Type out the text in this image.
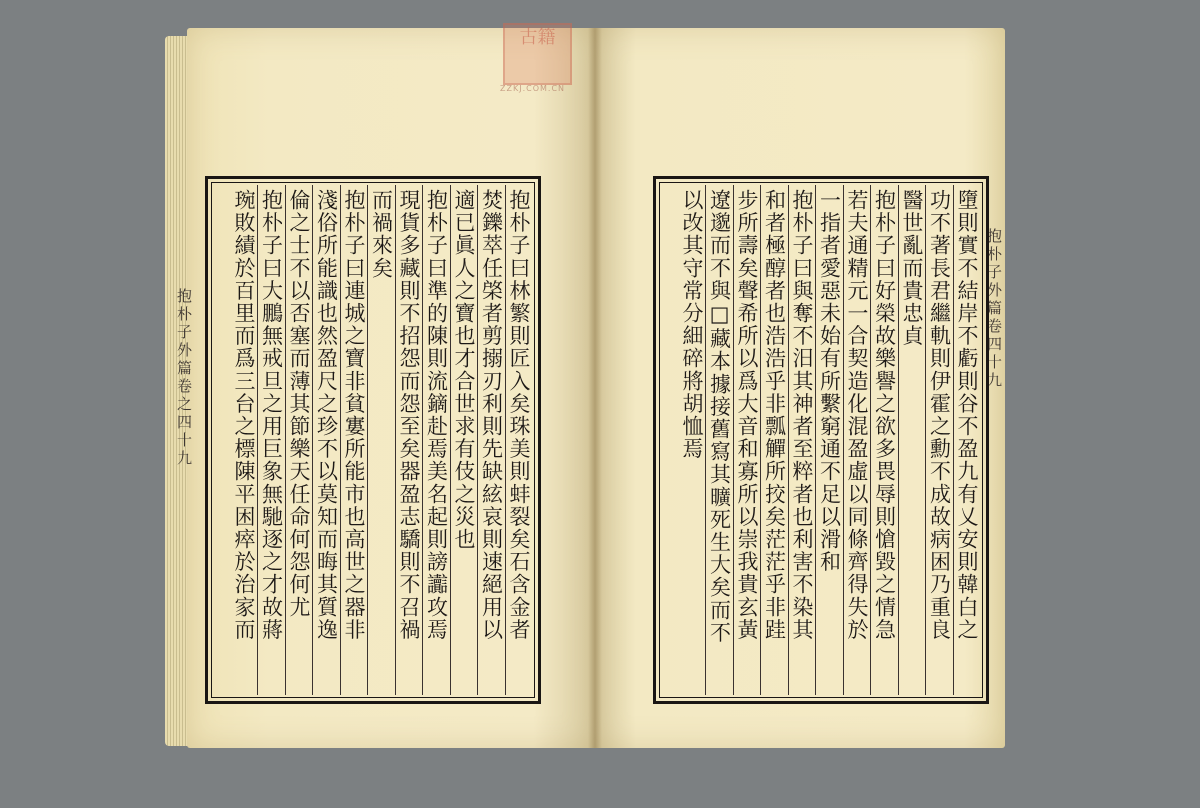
古籍
ZZKJ.COM.CN
抱朴子外篇卷之四十九	抱朴子外篇卷四十九
抱朴子曰林繁則匠入矣珠美則蚌裂矣石含金者
焚鑠萃任棨者剪搦刃利則先缺絃哀則速絕用以
適已眞人之寶也才合世求有伎之災也
抱朴子曰準的陳則流鏑赴焉美名起則謗讟攻焉
現貨多藏則不招怨而怨至矣器盈志驕則不召禍
而禍來矣
抱朴子曰連城之寶非貧寠所能市也高世之器非
淺俗所能識也然盈尺之珍不以莫知而晦其質逸
倫之士不以否塞而薄其節樂天任命何怨何尤
抱朴子曰大鵬無戒旦之用巨象無馳逐之才故蔣
琬敗績於百里而爲三台之標陳平困瘁於治家而	墮則實不結岸不虧則谷不盈九有乂安則韓白之
功不著長君繼軌則伊霍之勳不成故病困乃重良
醫世亂而貴忠貞
抱朴子曰好榮故樂譽之欲多畏辱則愴毀之情急
若夫通精元一合契造化混盈虛以同條齊得失於
一指者愛惡未始有所繫窮通不足以滑和
抱朴子曰與奪不汨其神者至粹者也利害不染其
和者極醇者也浩浩乎非瓢觶所挍矣茫茫乎非跬
步所壽矣聲希所以爲大音和寡所以崇我貴玄黃
遼邈而不與□藏本據接舊寫其曠死生大矣而不
以改其守常分細碎將胡恤焉
